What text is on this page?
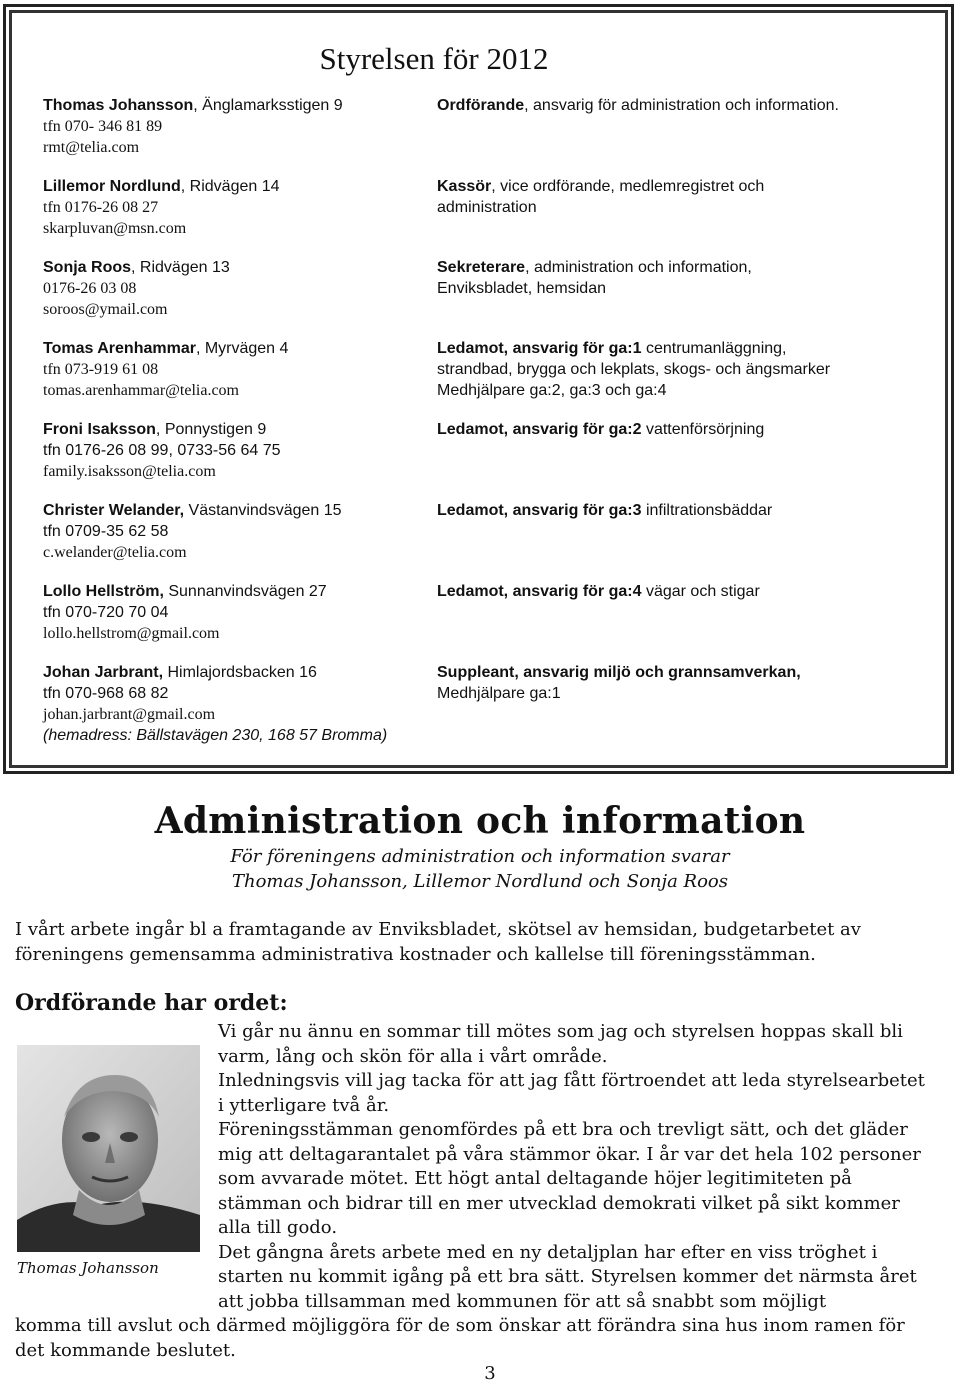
Styrelsen för 2012
Thomas Johansson, Änglamarksstigen 9
tfn 070- 346 81 89
rmt@telia.com
Lillemor Nordlund, Ridvägen 14
tfn 0176-26 08 27
skarpluvan@msn.com
Sonja Roos, Ridvägen 13
0176-26 03 08
soroos@ymail.com
Tomas Arenhammar, Myrvägen 4
tfn 073-919 61 08
tomas.arenhammar@telia.com
Froni Isaksson, Ponnystigen 9
tfn 0176-26 08 99, 0733-56 64 75
family.isaksson@telia.com
Christer Welander, Västanvindsvägen 15
tfn 0709-35 62 58
c.welander@telia.com
Lollo Hellström, Sunnanvindsvägen 27
tfn 070-720 70 04
lollo.hellstrom@gmail.com
Johan Jarbrant, Himlajordsbacken 16
tfn 070-968 68 82
johan.jarbrant@gmail.com
(hemadress: Bällstavägen 230, 168 57 Bromma)
Ordförande, ansvarig för administration och information.
Kassör, vice ordförande, medlemregistret och
administration
Sekreterare, administration och information,
Enviksbladet, hemsidan
Ledamot, ansvarig för ga:1 centrumanläggning,
strandbad, brygga och lekplats, skogs- och ängsmarker
Medhjälpare ga:2, ga:3 och ga:4
Ledamot, ansvarig för ga:2 vattenförsörjning
Ledamot, ansvarig för ga:3 infiltrationsbäddar
Ledamot, ansvarig för ga:4 vägar och stigar
Suppleant, ansvarig miljö och grannsamverkan,
Medhjälpare ga:1
Administration och information
För föreningens administration och information svarar
Thomas Johansson, Lillemor Nordlund och Sonja Roos
I vårt arbete ingår bl a framtagande av Enviksbladet, skötsel av hemsidan, budgetarbetet av
föreningens gemensamma administrativa kostnader och kallelse till föreningsstämman.
Ordförande har ordet:
Thomas Johansson
Vi går nu ännu en sommar till mötes som jag och styrelsen hoppas skall bli
varm, lång och skön för alla i vårt område.
Inledningsvis vill jag tacka för att jag fått förtroendet att leda styrelsearbetet
i ytterligare två år.
Föreningsstämman genomfördes på ett bra och trevligt sätt, och det gläder
mig att deltagarantalet på våra stämmor ökar. I år var det hela 102 personer
som avvarade mötet. Ett högt antal deltagande höjer legitimiteten på
stämman och bidrar till en mer utvecklad demokrati vilket på sikt kommer
alla till godo.
Det gångna årets arbete med en ny detaljplan har efter en viss tröghet i
starten nu kommit igång på ett bra sätt. Styrelsen kommer det närmsta året
att jobba tillsamman med kommunen för att så snabbt som möjligt
komma till avslut och därmed möjliggöra för de som önskar att förändra sina hus inom ramen för
det kommande beslutet.
3
